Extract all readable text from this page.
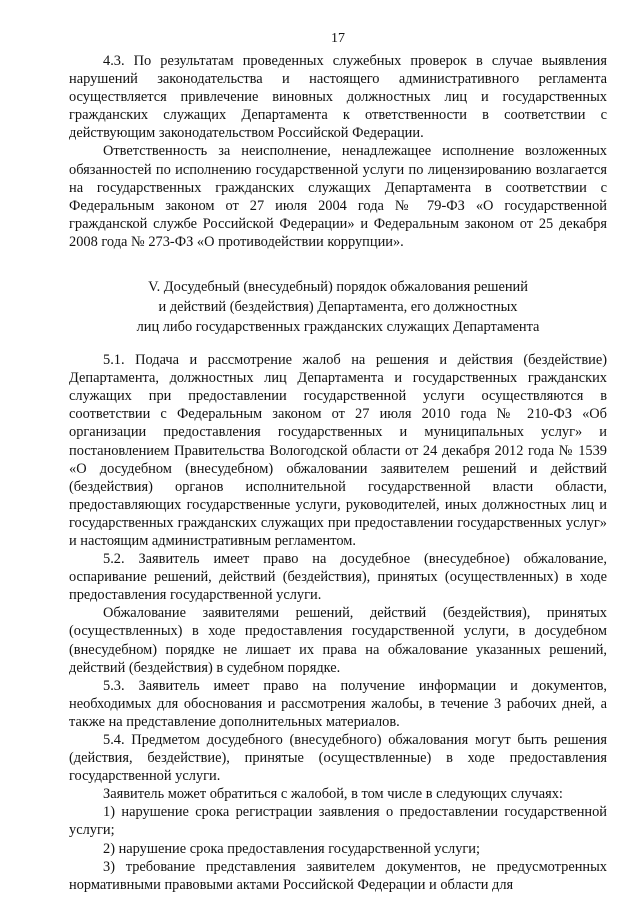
17

4.3. По результатам проведенных служебных проверок в случае выявления нарушений законодательства и настоящего административного регламента осуществляется привлечение виновных должностных лиц и государственных гражданских служащих Департамента к ответственности в соответствии с действующим законодательством Российской Федерации.

Ответственность за неисполнение, ненадлежащее исполнение возложенных обязанностей по исполнению государственной услуги по лицензированию возлагается на государственных гражданских служащих Департамента в соответствии с Федеральным законом от 27 июля 2004 года № 79-ФЗ «О государственной гражданской службе Российской Федерации» и Федеральным законом от 25 декабря 2008 года № 273-ФЗ «О противодействии коррупции».

V. Досудебный (внесудебный) порядок обжалования решений
и действий (бездействия) Департамента, его должностных
лиц либо государственных гражданских служащих Департамента

5.1. Подача и рассмотрение жалоб на решения и действия (бездействие) Департамента, должностных лиц Департамента и государственных гражданских служащих при предоставлении государственной услуги осуществляются в соответствии с Федеральным законом от 27 июля 2010 года № 210-ФЗ «Об организации предоставления государственных и муниципальных услуг» и постановлением Правительства Вологодской области от 24 декабря 2012 года № 1539 «О досудебном (внесудебном) обжаловании заявителем решений и действий (бездействия) органов исполнительной государственной власти области, предоставляющих государственные услуги, руководителей, иных должностных лиц и государственных гражданских служащих при предоставлении государственных услуг» и настоящим административным регламентом.

5.2. Заявитель имеет право на досудебное (внесудебное) обжалование, оспаривание решений, действий (бездействия), принятых (осуществленных) в ходе предоставления государственной услуги.

Обжалование заявителями решений, действий (бездействия), принятых (осуществленных) в ходе предоставления государственной услуги, в досудебном (внесудебном) порядке не лишает их права на обжалование указанных решений, действий (бездействия) в судебном порядке.

5.3. Заявитель имеет право на получение информации и документов, необходимых для обоснования и рассмотрения жалобы, в течение 3 рабочих дней, а также на представление дополнительных материалов.

5.4. Предметом досудебного (внесудебного) обжалования могут быть решения (действия, бездействие), принятые (осуществленные) в ходе предоставления государственной услуги.

Заявитель может обратиться с жалобой, в том числе в следующих случаях:

1) нарушение срока регистрации заявления о предоставлении государственной услуги;

2) нарушение срока предоставления государственной услуги;

3) требование представления заявителем документов, не предусмотренных нормативными правовыми актами Российской Федерации и области для
